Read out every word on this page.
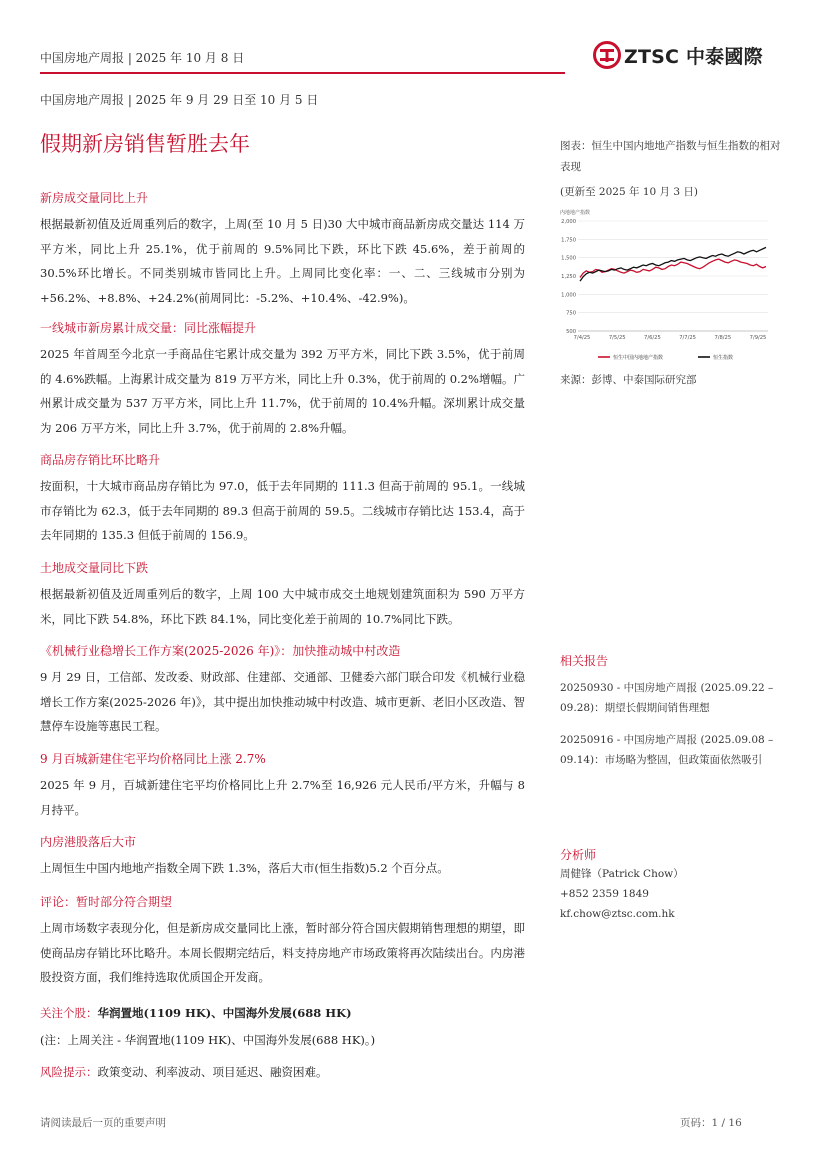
中国房地产周报 | 2025 年 10 月 8 日	ZTSC 中泰國際
中国房地产周报 | 2025 年 9 月 29 日至 10 月 5 日
假期新房销售暂胜去年

新房成交量同比上升

根据最新初值及近周重列后的数字，上周(至 10 月 5 日)30 大中城市商品新房成交量达 114 万平方米，同比上升 25.1%，优于前周的 9.5%同比下跌，环比下跌 45.6%，差于前周的 30.5%环比增长。不同类别城市皆同比上升。上周同比变化率：一、二、三线城市分别为+56.2%、+8.8%、+24.2%(前周同比：-5.2%、+10.4%、-42.9%)。

一线城市新房累计成交量：同比涨幅提升

2025 年首周至今北京一手商品住宅累计成交量为 392 万平方米，同比下跌 3.5%，优于前周的 4.6%跌幅。上海累计成交量为 819 万平方米，同比上升 0.3%，优于前周的 0.2%增幅。广州累计成交量为 537 万平方米，同比上升 11.7%，优于前周的 10.4%升幅。深圳累计成交量为 206 万平方米，同比上升 3.7%，优于前周的 2.8%升幅。

商品房存销比环比略升

按面积，十大城市商品房存销比为 97.0，低于去年同期的 111.3 但高于前周的 95.1。一线城市存销比为 62.3，低于去年同期的 89.3 但高于前周的 59.5。二线城市存销比达 153.4，高于去年同期的 135.3 但低于前周的 156.9。

土地成交量同比下跌

根据最新初值及近周重列后的数字，上周 100 大中城市成交土地规划建筑面积为 590 万平方米，同比下跌 54.8%，环比下跌 84.1%，同比变化差于前周的 10.7%同比下跌。

《机械行业稳增长工作方案(2025-2026 年)》：加快推动城中村改造

9 月 29 日，工信部、发改委、财政部、住建部、交通部、卫健委六部门联合印发《机械行业稳增长工作方案(2025-2026 年)》，其中提出加快推动城中村改造、城市更新、老旧小区改造、智慧停车设施等惠民工程。

9 月百城新建住宅平均价格同比上涨 2.7%

2025 年 9 月，百城新建住宅平均价格同比上升 2.7%至 16,926 元人民币/平方米，升幅与 8 月持平。

内房港股落后大市

上周恒生中国内地地产指数全周下跌 1.3%，落后大市(恒生指数)5.2 个百分点。

评论：暂时部分符合期望

上周市场数字表现分化，但是新房成交量同比上涨，暂时部分符合国庆假期销售理想的期望，即使商品房存销比环比略升。本周长假期完结后，料支持房地产市场政策将再次陆续出台。内房港股投资方面，我们维持选取优质国企开发商。

关注个股：华润置地(1109 HK)、中国海外发展(688 HK)

(注：上周关注 - 华润置地(1109 HK)、中国海外发展(688 HK)。)

风险提示：政策变动、利率波动、项目延迟、融资困难。

图表：恒生中国内地地产指数与恒生指数的相对表现
(更新至 2025 年 10 月 3 日)
内地地产指数
2,000
1,750
1,500
1,250
1,000
750
500
7/4/25	7/5/25	7/6/25	7/7/25	7/8/25	7/9/25
恒生中国内地地产指数	恒生指数
来源：彭博、中泰国际研究部
相关报告
20250930 - 中国房地产周报 (2025.09.22 – 09.28)：期望长假期间销售理想
20250916 - 中国房地产周报 (2025.09.08 – 09.14)：市场略为整固，但政策面依然吸引
分析师
周健锋（Patrick Chow）
+852 2359 1849
kf.chow@ztsc.com.hk
请阅读最后一页的重要声明	页码：1 / 16
